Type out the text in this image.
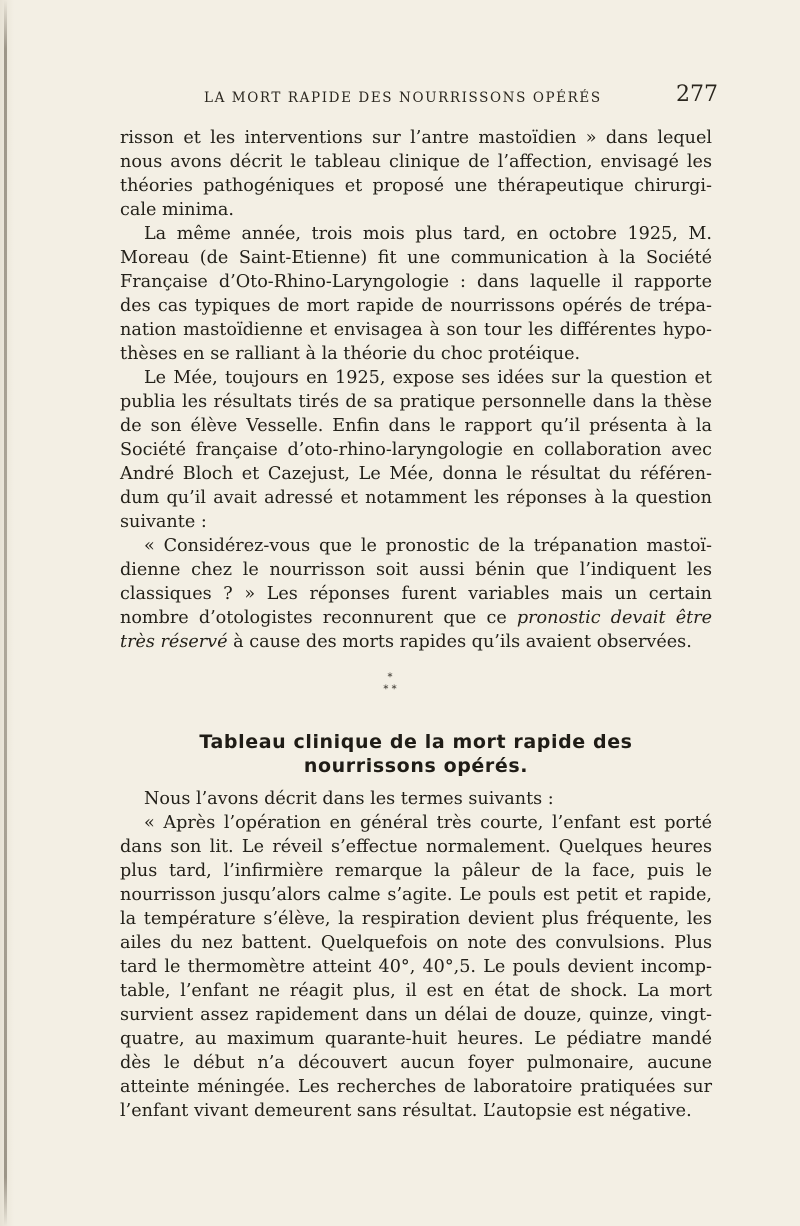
LA MORT RAPIDE DES NOURRISSONS OPÉRÉS	277

risson et les interventions sur l’antre mastoïdien » dans lequel nous avons décrit le tableau clinique de l’affection, envisagé les théories pathogéniques et proposé une thérapeutique chirurgicale minima.

La même année, trois mois plus tard, en octobre 1925, M. Moreau (de Saint-Etienne) fit une communication à la Société Française d’Oto-Rhino-Laryngologie : dans laquelle il rapporte des cas typiques de mort rapide de nourrissons opérés de trépanation mastoïdienne et envisagea à son tour les différentes hypothèses en se ralliant à la théorie du choc protéique.

Le Mée, toujours en 1925, expose ses idées sur la question et publia les résultats tirés de sa pratique personnelle dans la thèse de son élève Vesselle. Enfin dans le rapport qu’il présenta à la Société française d’oto-rhino-laryngologie en collaboration avec André Bloch et Cazejust, Le Mée, donna le résultat du référendum qu’il avait adressé et notamment les réponses à la question suivante :

« Considérez-vous que le pronostic de la trépanation mastoïdienne chez le nourrisson soit aussi bénin que l’indiquent les classiques ? » Les réponses furent variables mais un certain nombre d’otologistes reconnurent que ce pronostic devait être très réservé à cause des morts rapides qu’ils avaient observées.

*
* *
Tableau clinique de la mort rapide des
nourrissons opérés.

Nous l’avons décrit dans les termes suivants :

« Après l’opération en général très courte, l’enfant est porté dans son lit. Le réveil s’effectue normalement. Quelques heures plus tard, l’infirmière remarque la pâleur de la face, puis le nourrisson jusqu’alors calme s’agite. Le pouls est petit et rapide, la température s’élève, la respiration devient plus fréquente, les ailes du nez battent. Quelquefois on note des convulsions. Plus tard le thermomètre atteint 40°, 40°,5. Le pouls devient incomptable, l’enfant ne réagit plus, il est en état de shock. La mort survient assez rapidement dans un délai de douze, quinze, vingt-quatre, au maximum quarante-huit heures. Le pédiatre mandé dès le début n’a découvert aucun foyer pulmonaire, aucune atteinte méningée. Les recherches de laboratoire pratiquées sur l’enfant vivant demeurent sans résultat. L’autopsie est négative.
